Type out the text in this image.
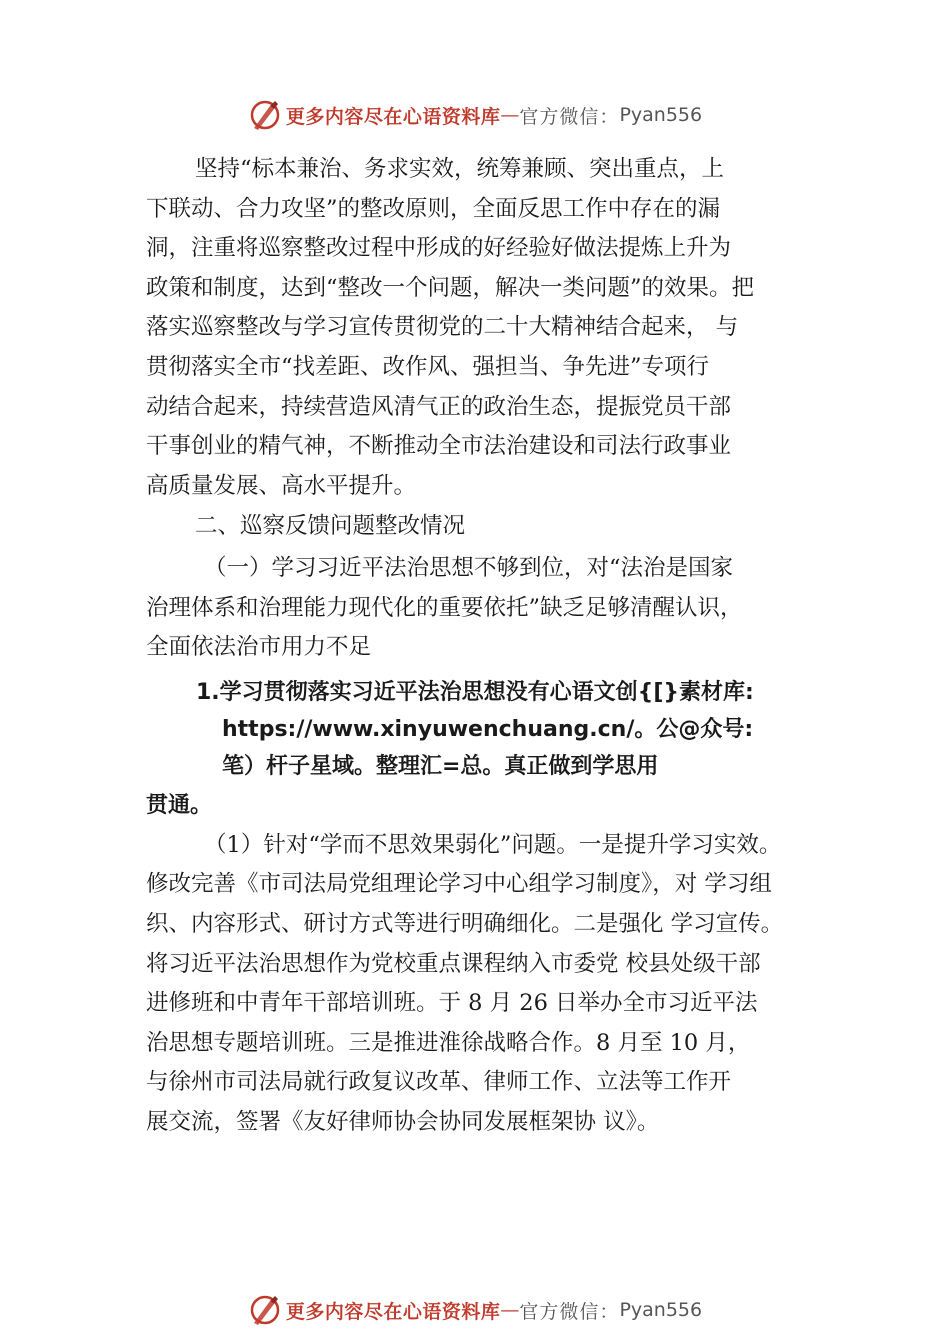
更多内容尽在心语资料库 — 官方微信： Pyan556
坚持“标本兼治、务求实效，统筹兼顾、突出重点，上
下联动、合力攻坚”的整改原则，全面反思工作中存在的漏
洞，注重将巡察整改过程中形成的好经验好做法提炼上升为
政策和制度，达到“整改一个问题，解决一类问题”的效果。把
落实巡察整改与学习宣传贯彻党的二十大精神结合起来， 与
贯彻落实全市“找差距、改作风、强担当、争先进”专项行
动结合起来，持续营造风清气正的政治生态，提振党员干部
干事创业的精气神，不断推动全市法治建设和司法行政事业
高质量发展、高水平提升。
二、巡察反馈问题整改情况
（一）学习习近平法治思想不够到位，对“法治是国家
治理体系和治理能力现代化的重要依托”缺乏足够清醒认识，
全面依法治市用力不足
1.学习贯彻落实习近平法治思想没有心语文创{[}素材库:
https://www.xinyuwenchuang.cn/。公@众号:
笔）杆子星域。整理汇=总。真正做到学思用
贯通。
（1）针对“学而不思效果弱化”问题。一是提升学习实效。
修改完善《市司法局党组理论学习中心组学习制度》，对 学习组
织、内容形式、研讨方式等进行明确细化。二是强化 学习宣传。
将习近平法治思想作为党校重点课程纳入市委党 校县处级干部
进修班和中青年干部培训班。于 8 月 26 日举办全市习近平法
治思想专题培训班。三是推进淮徐战略合作。8 月至 10 月，
与徐州市司法局就行政复议改革、律师工作、立法等工作开
展交流，签署《友好律师协会协同发展框架协 议》。
更多内容尽在心语资料库 — 官方微信： Pyan556
